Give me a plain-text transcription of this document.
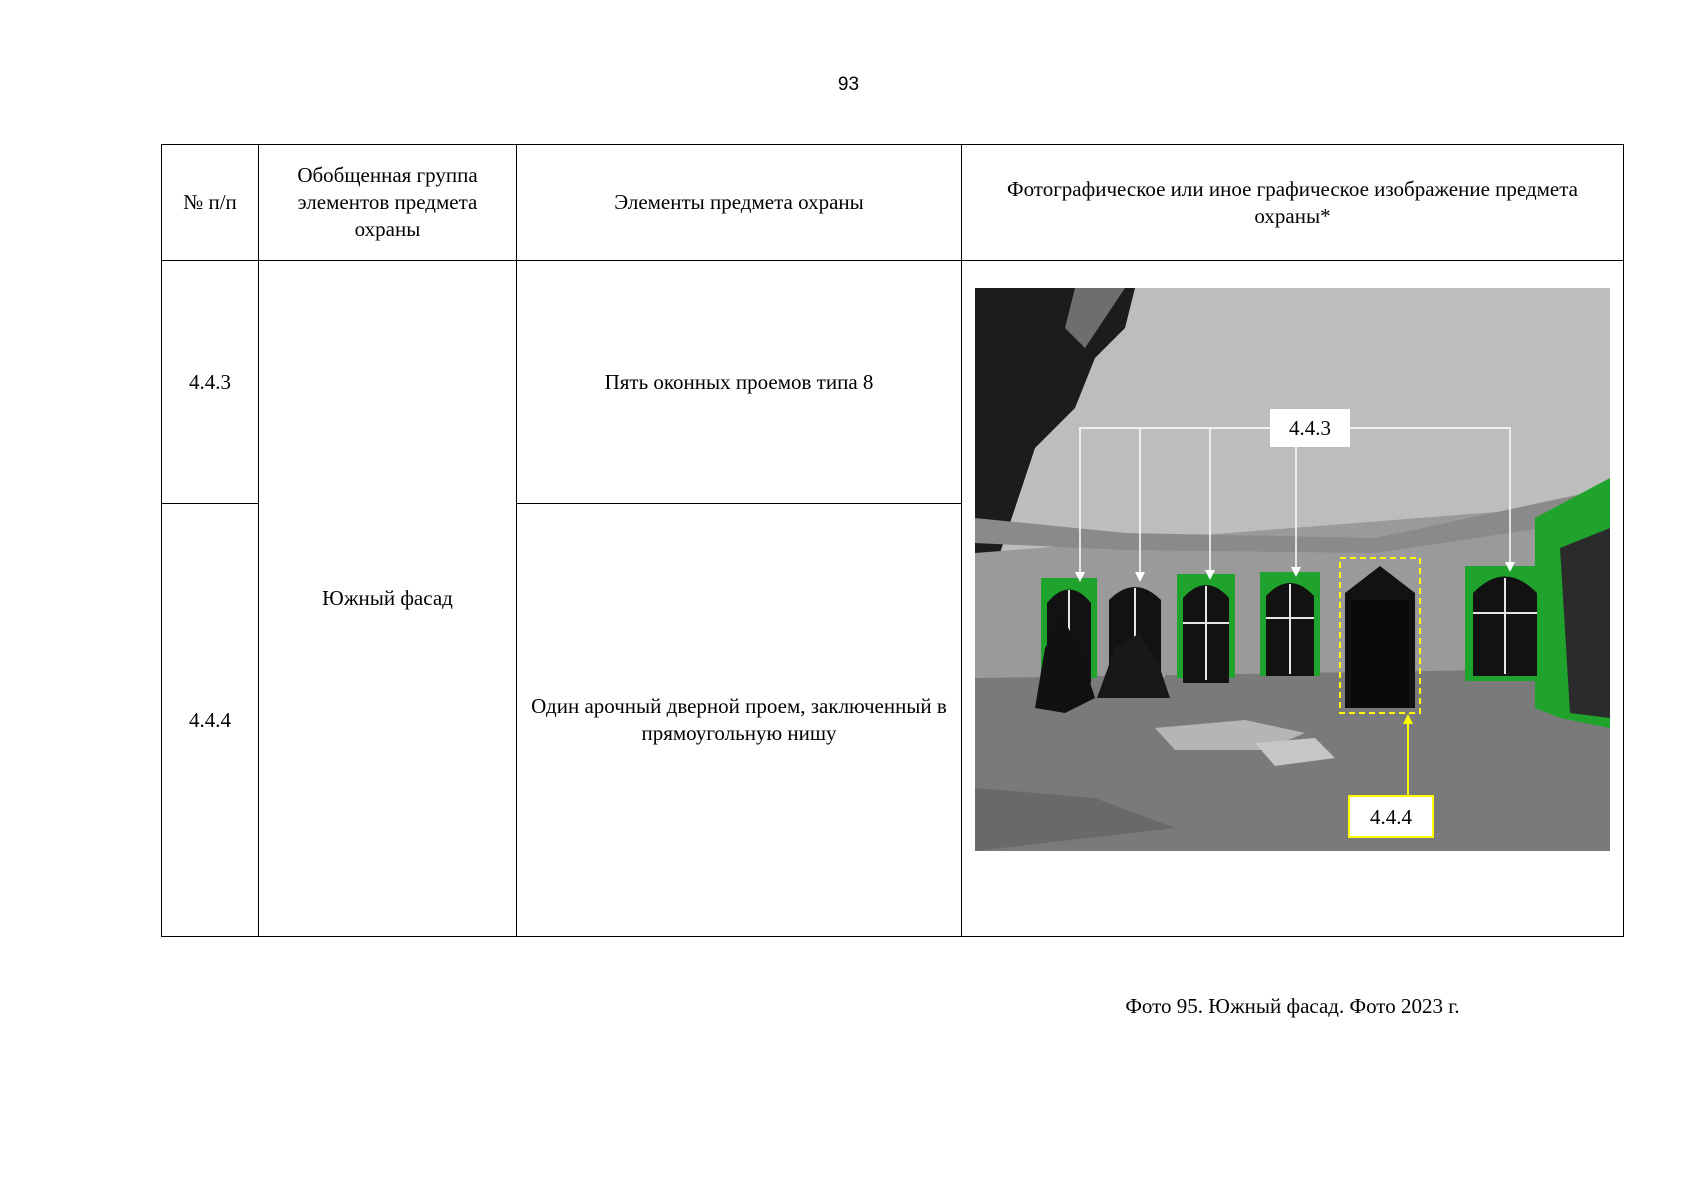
93
№ п/п	Обобщенная группа элементов предмета охраны	Элементы предмета охраны	Фотографическое или иное графическое изображение предмета охраны*
4.4.3	Южный фасад	Пять оконных проемов типа 8	4.4.3
4.4.4
Фото 95. Южный фасад. Фото 2023 г.

4.4.4		Один арочный дверной проем, заключенный в прямоугольную нишу	
